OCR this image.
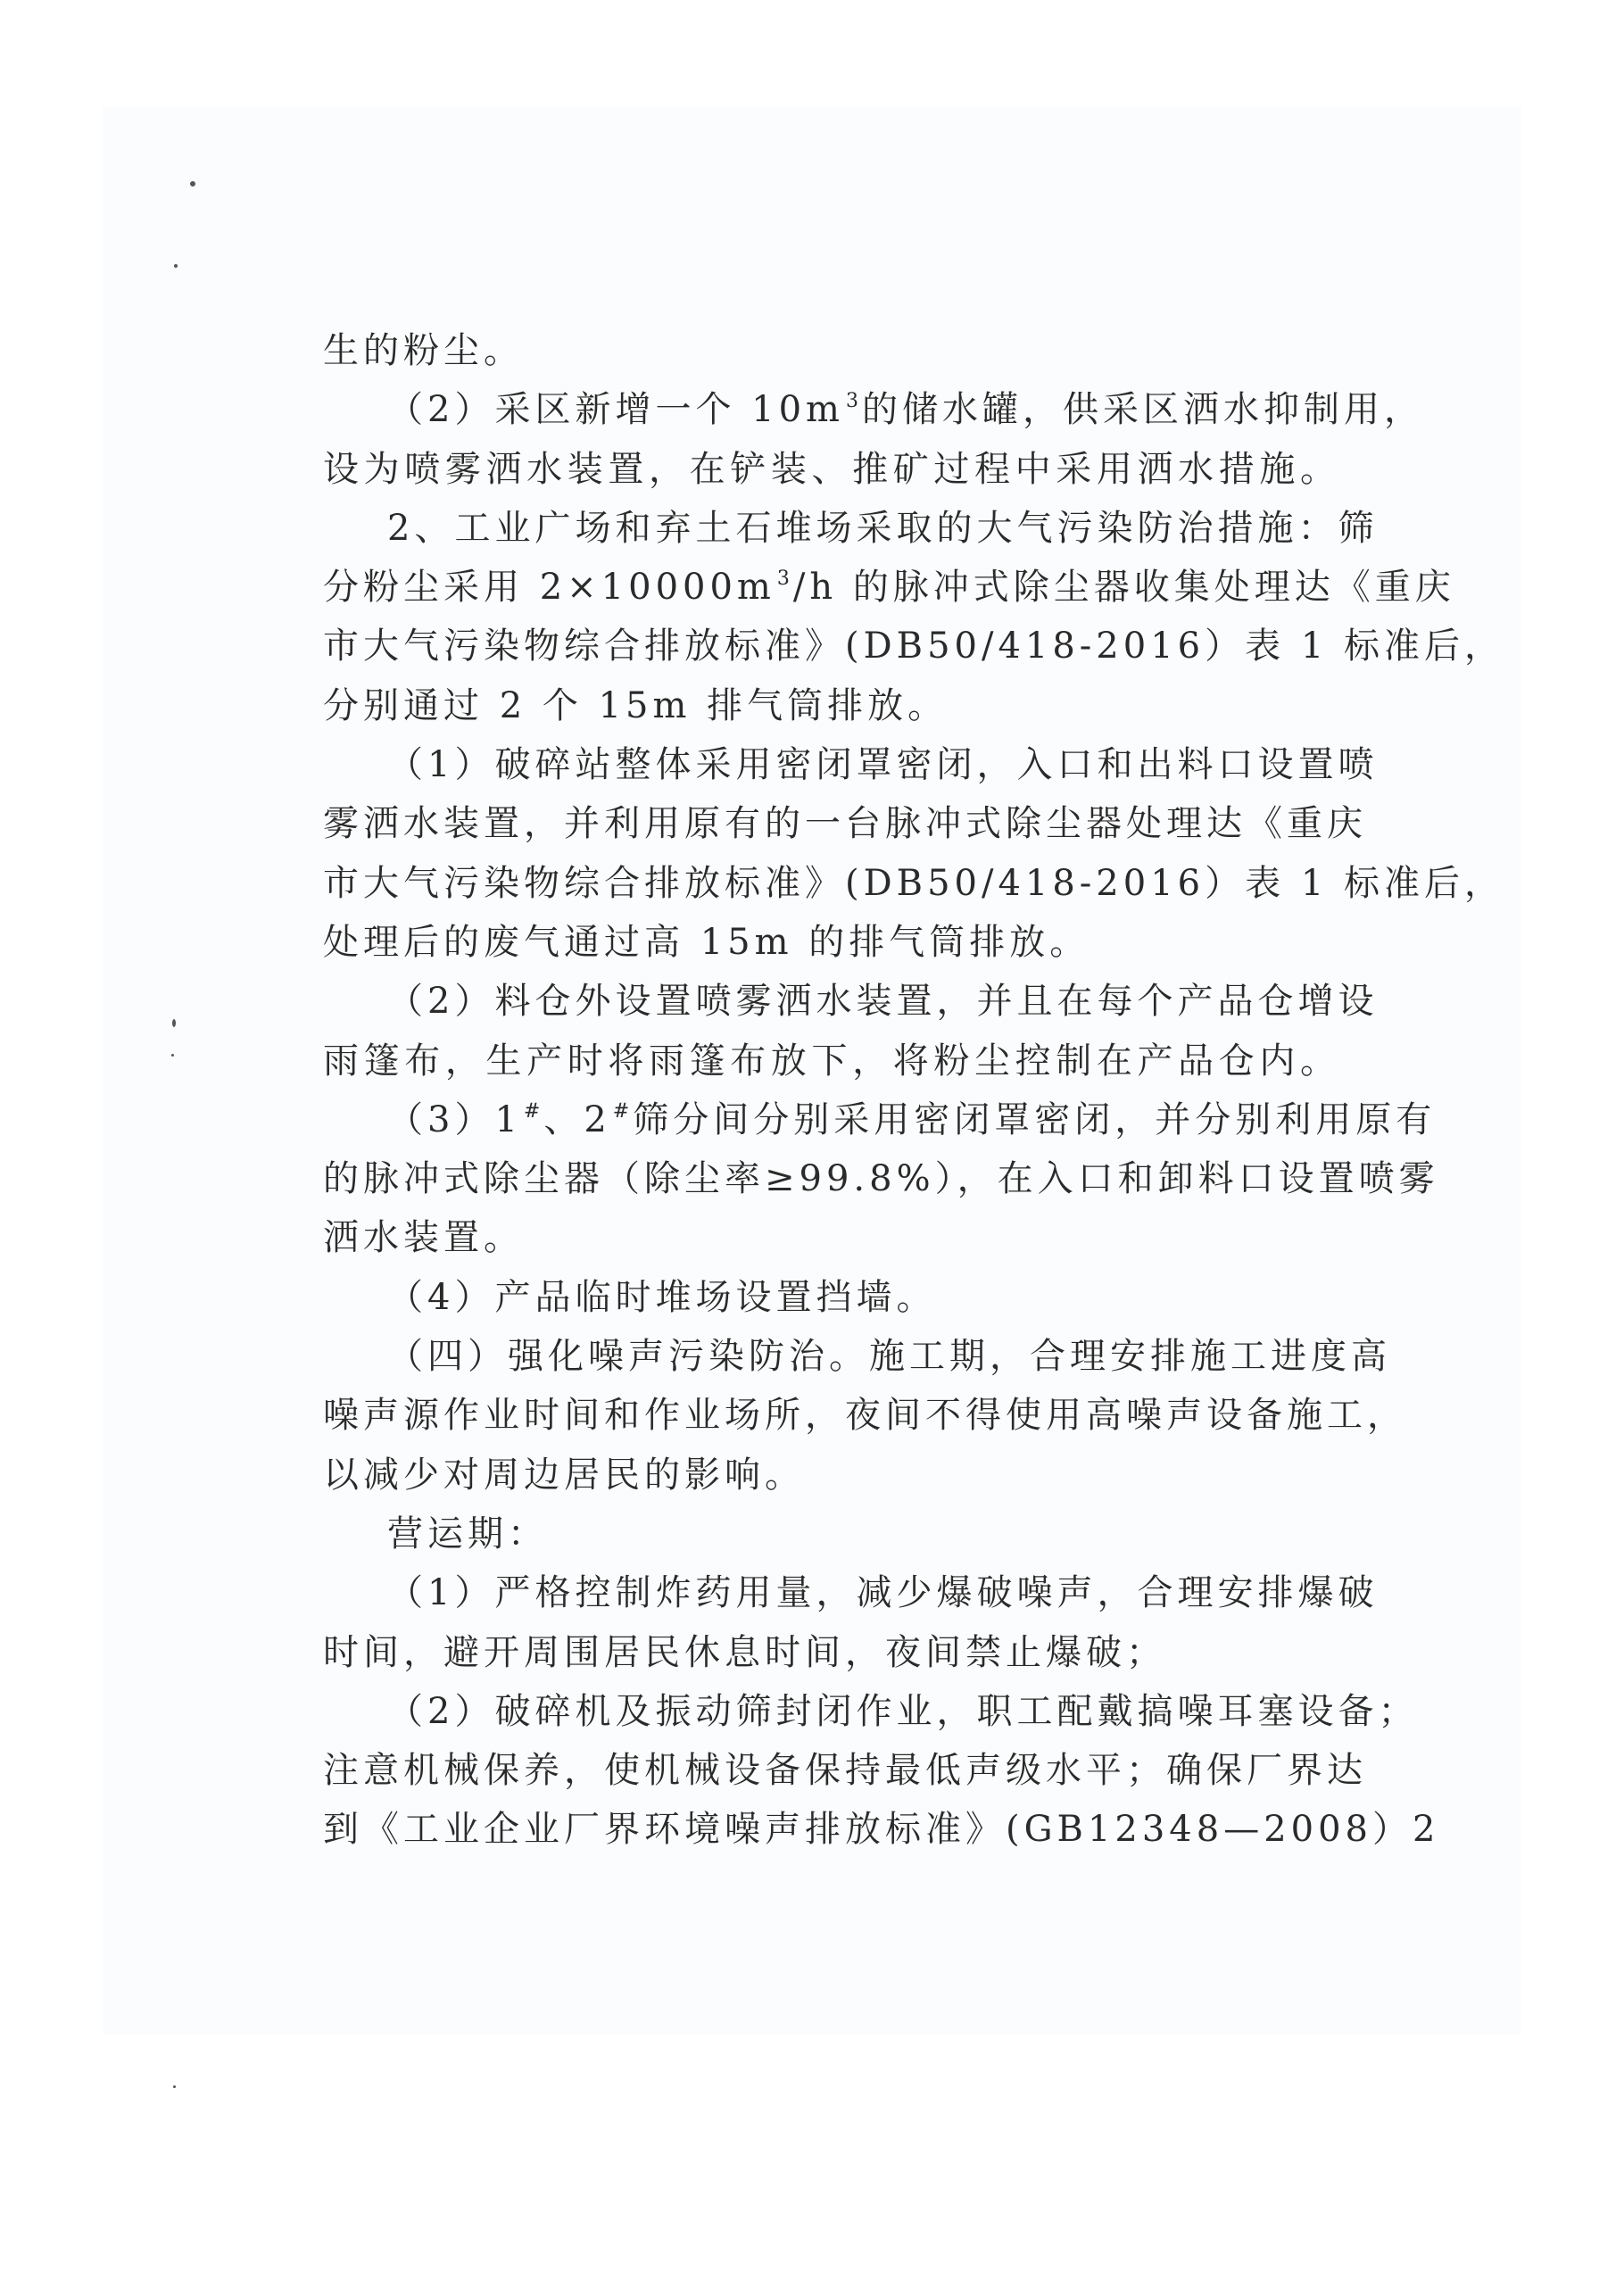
生的粉尘。
（2）采区新增一个 $10m^3$ 的储水罐，供采区洒水抑制用，
设为喷雾洒水装置，在铲装、推矿过程中采用洒水措施。
2、工业广场和弃土石堆场采取的大气污染防治措施：筛
分粉尘采用 $2\times 10000m^3$ /h 的脉冲式除尘器收集处理达《重庆
市大气污染物综合排放标准》(DB50/418-2016）表 1 标准后，
分别通过 2 个 15m 排气筒排放。
（1）破碎站整体采用密闭罩密闭，入口和出料口设置喷
雾洒水装置，并利用原有的一台脉冲式除尘器处理达《重庆
市大气污染物综合排放标准》(DB50/418-2016）表 1 标准后，
处理后的废气通过高 15m 的排气筒排放。
（2）料仓外设置喷雾洒水装置，并且在每个产品仓增设
雨篷布，生产时将雨篷布放下，将粉尘控制在产品仓内。
（3）1# 、2# 筛分间分别采用密闭罩密闭，并分别利用原有
的脉冲式除尘器（除尘率≥99.8%），在入口和卸料口设置喷雾
洒水装置。
（4）产品临时堆场设置挡墙。
（四）强化噪声污染防治。施工期，合理安排施工进度高
噪声源作业时间和作业场所，夜间不得使用高噪声设备施工，
以减少对周边居民的影响。
营运期：
（1）严格控制炸药用量，减少爆破噪声，合理安排爆破
时间，避开周围居民休息时间，夜间禁止爆破；
（2）破碎机及振动筛封闭作业，职工配戴搞噪耳塞设备；
注意机械保养，使机械设备保持最低声级水平；确保厂界达
到《工业企业厂界环境噪声排放标准》(GB12348—2008）2
